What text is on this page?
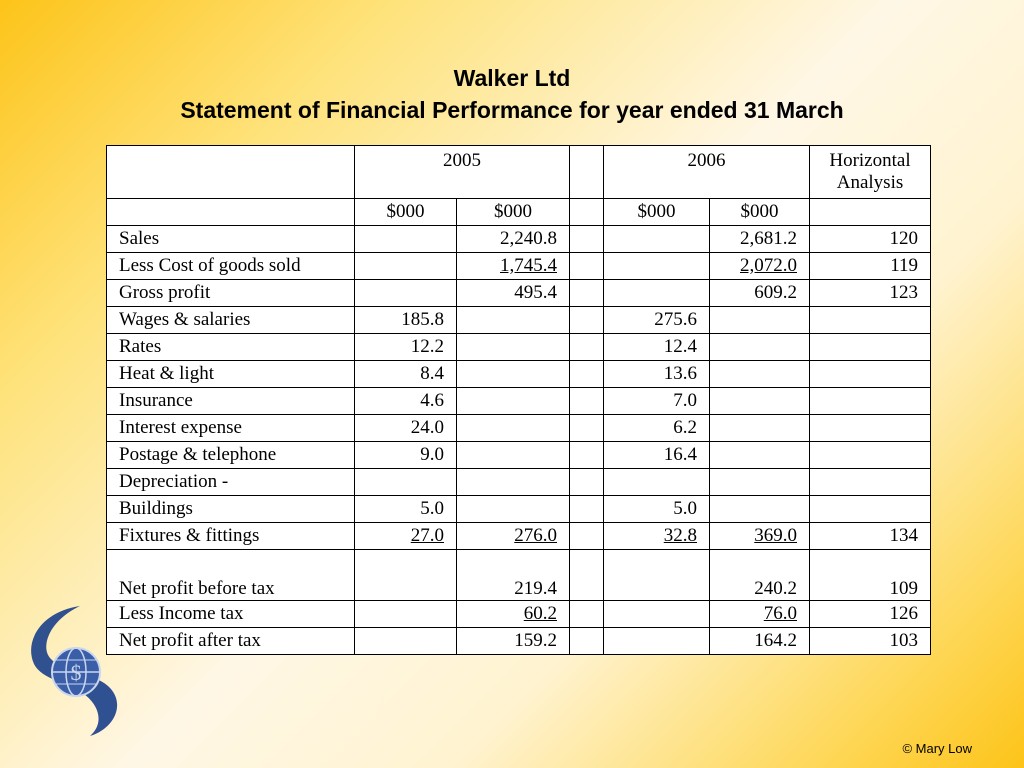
Walker Ltd
Statement of Financial Performance for year ended 31 March
	2005			2006		Horizontal Analysis
	$000	$000		$000	$000	
Sales		2,240.8			2,681.2	120
Less Cost of goods sold		1,745.4			2,072.0	119
Gross profit		495.4			609.2	123
Wages & salaries	185.8			275.6		
Rates	12.2			12.4		
Heat & light	8.4			13.6		
Insurance	4.6			7.0		
Interest expense	24.0			6.2		
Postage & telephone	9.0			16.4		
Depreciation -						
Buildings	5.0			5.0		
Fixtures & fittings	27.0	276.0		32.8	369.0	134
Net profit before tax		219.4			240.2	109
Less Income tax		60.2			76.0	126
Net profit after tax		159.2			164.2	103
$
© Mary Low
